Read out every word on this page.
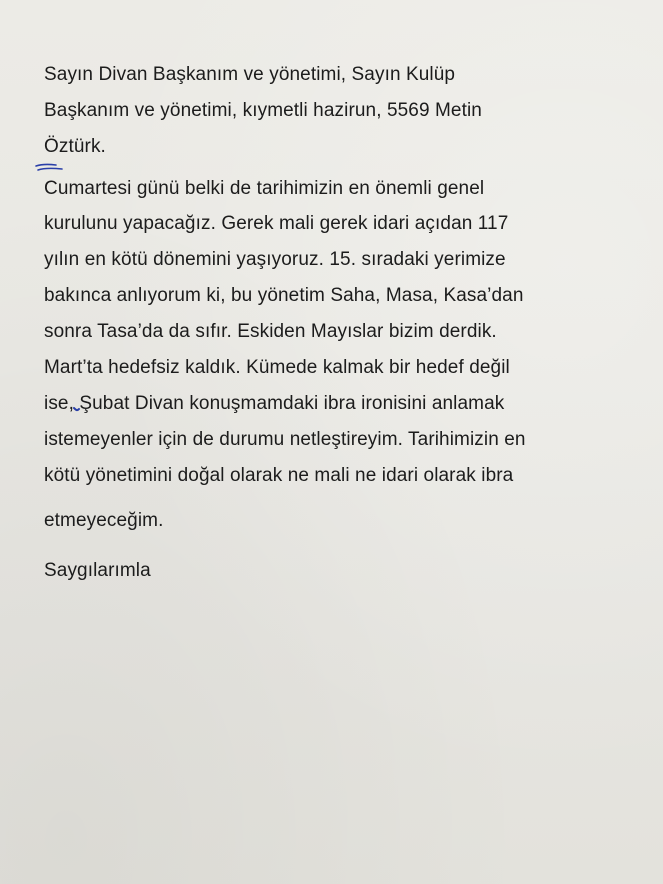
Sayın Divan Başkanım ve yönetimi, Sayın Kulüp
Başkanım ve yönetimi, kıymetli hazirun, 5569 Metin
Öztürk.
Cumartesi günü belki de tarihimizin en önemli genel
kurulunu yapacağız. Gerek mali gerek idari açıdan 117
yılın en kötü dönemini yaşıyoruz. 15. sıradaki yerimize
bakınca anlıyorum ki, bu yönetim Saha, Masa, Kasa’dan
sonra Tasa’da da sıfır. Eskiden Mayıslar bizim derdik.
Mart’ta hedefsiz kaldık. Kümede kalmak bir hedef değil
ise, Şubat Divan konuşmamdaki ibra ironisini anlamak
istemeyenler için de durumu netleştireyim. Tarihimizin en
kötü yönetimini doğal olarak ne mali ne idari olarak ibra
etmeyeceğim.
Saygılarımla
